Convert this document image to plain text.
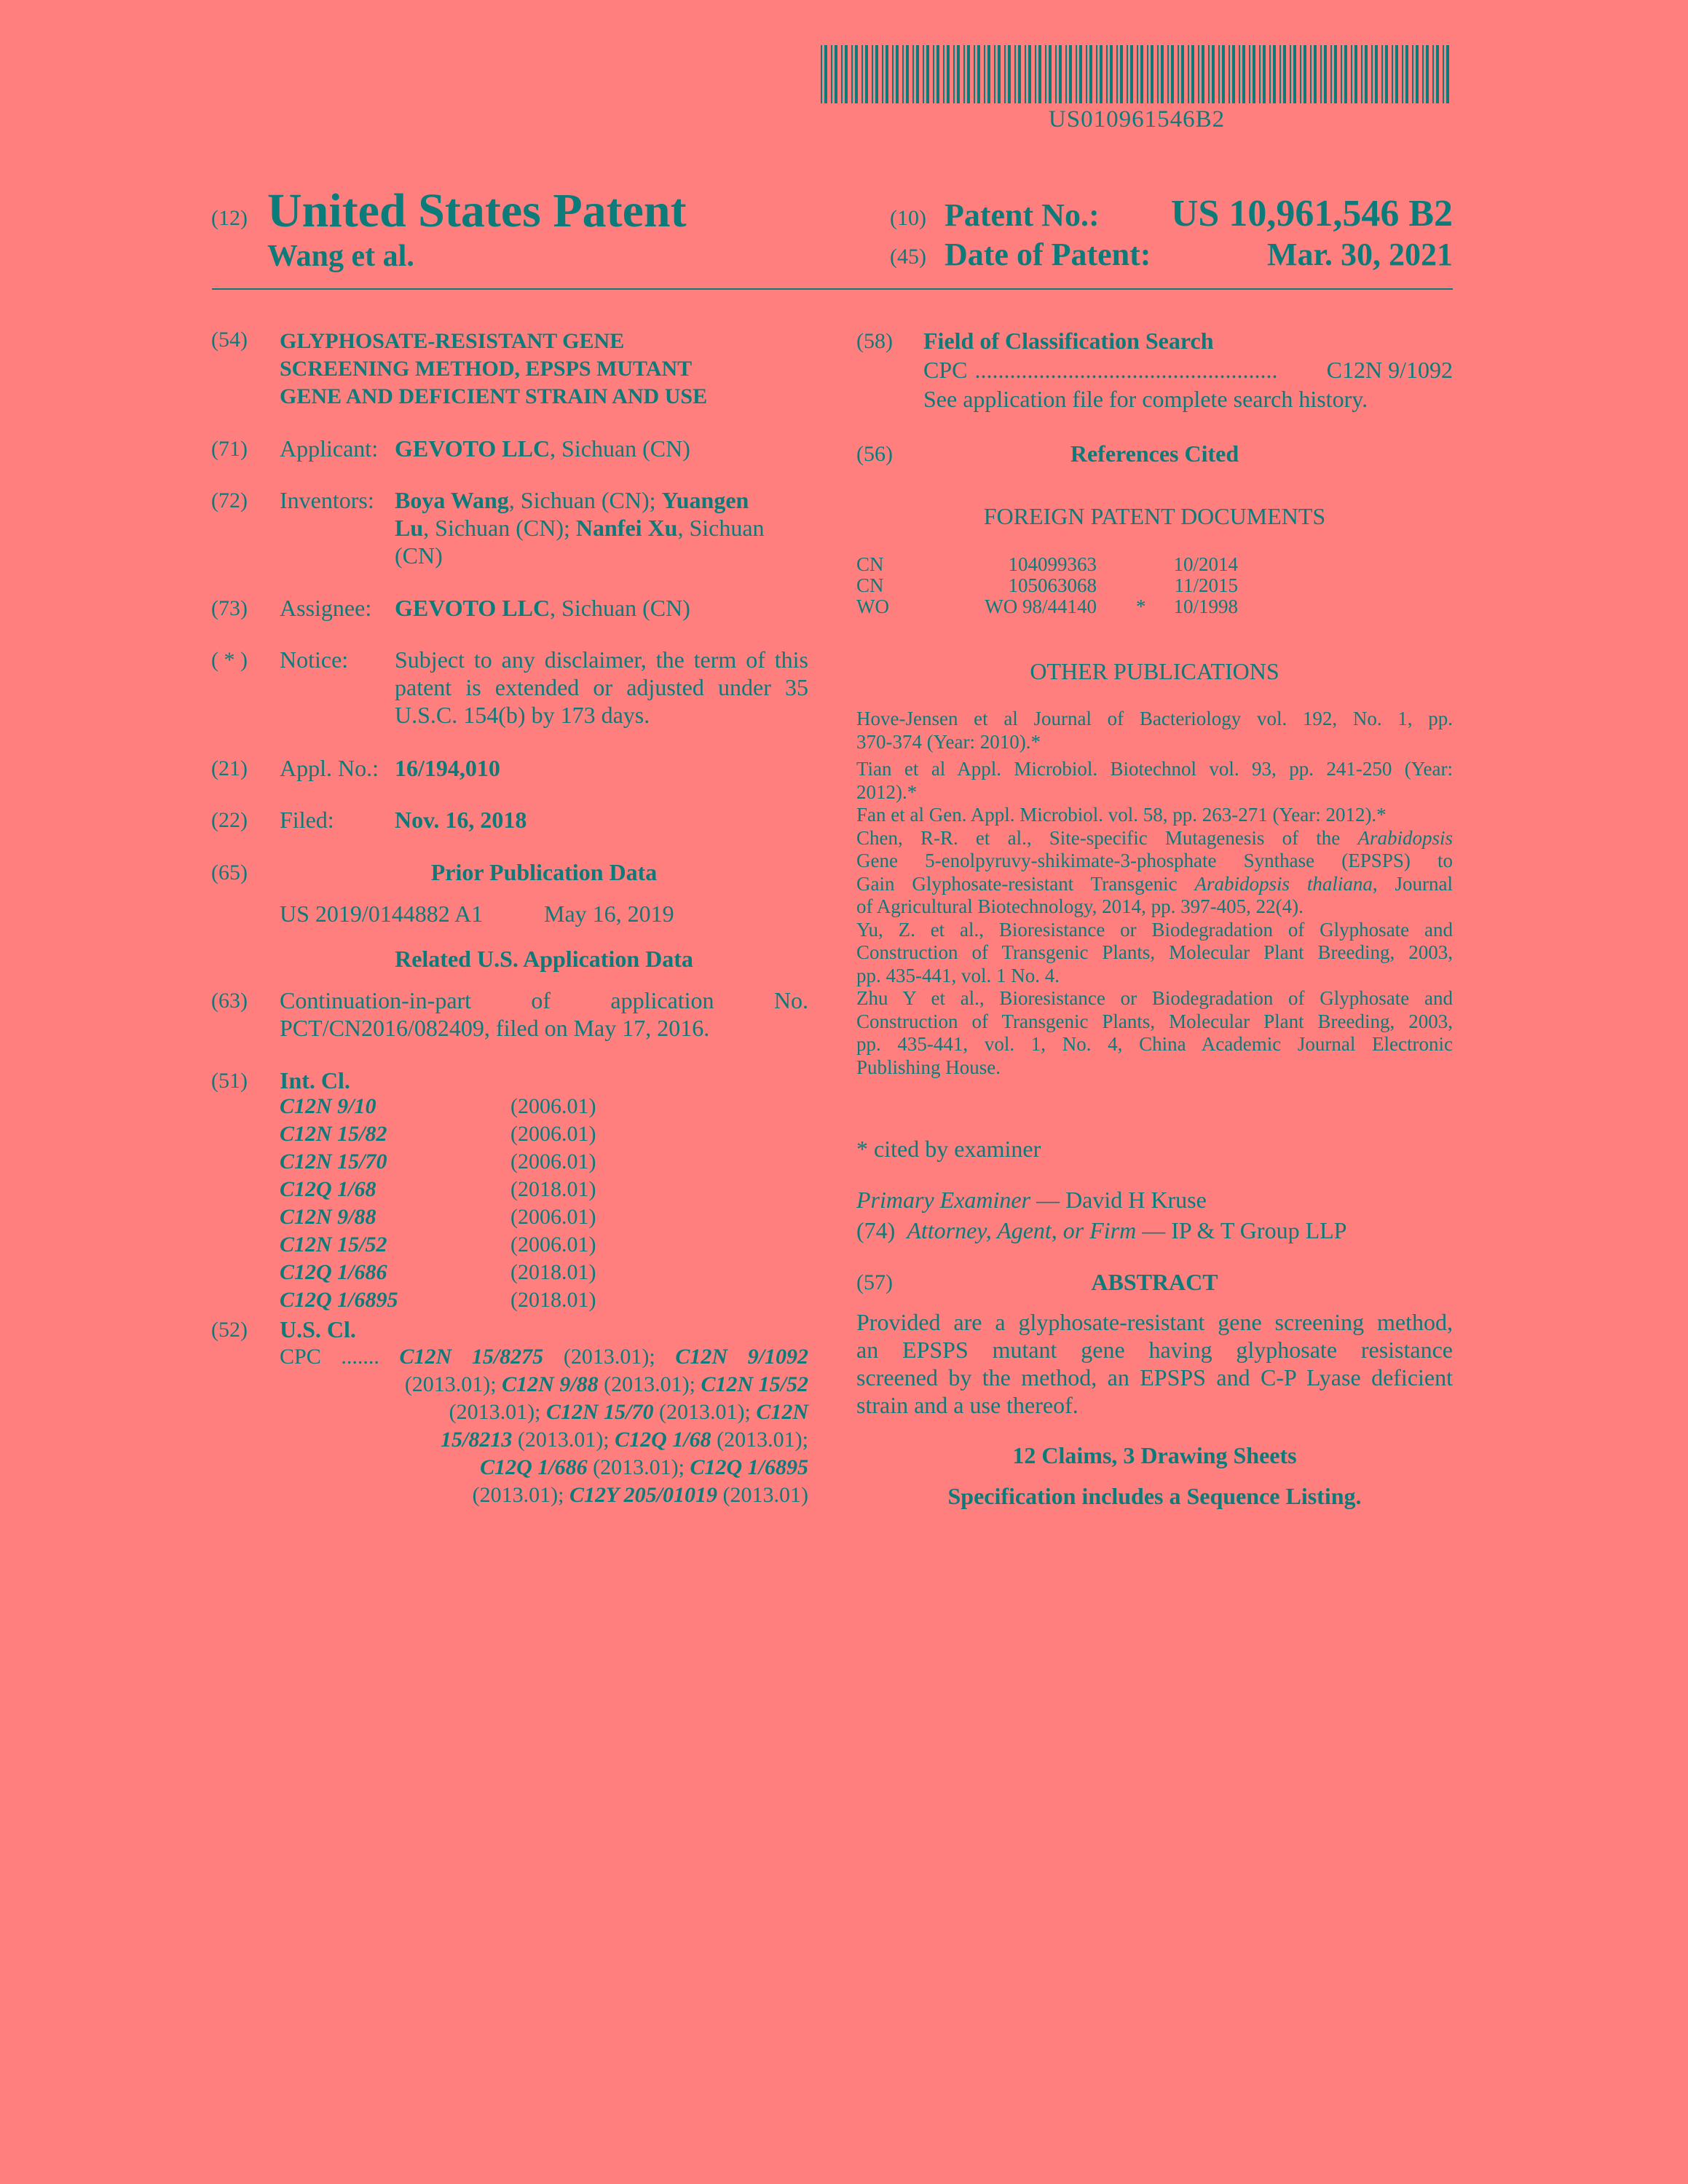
US010961546B2
(12) United States Patent
Wang et al.
(10) Patent No.:	US 10,961,546 B2
(45) Date of Patent:	Mar. 30, 2021
(54) GLYPHOSATE-RESISTANT GENE
SCREENING METHOD, EPSPS MUTANT
GENE AND DEFICIENT STRAIN AND USE
(71) Applicant: GEVOTO LLC, Sichuan (CN)
(72) Inventors: Boya Wang, Sichuan (CN); Yuangen
Lu, Sichuan (CN); Nanfei Xu, Sichuan
(CN)
(73) Assignee: GEVOTO LLC, Sichuan (CN)
( * ) Notice: Subject to any disclaimer, the term of this
patent is extended or adjusted under 35
U.S.C. 154(b) by 173 days.
(21) Appl. No.: 16/194,010
(22) Filed:	Nov. 16, 2018
(65)	Prior Publication Data
US 2019/0144882 A1	May 16, 2019
Related U.S. Application Data
(63) Continuation-in-part of application No.
PCT/CN2016/082409, filed on May 17, 2016.
(51) Int. Cl.
C12N 9/10	(2006.01)
C12N 15/82	(2006.01)
C12N 15/70	(2006.01)
C12Q 1/68	(2018.01)
C12N 9/88	(2006.01)
C12N 15/52	(2006.01)
C12Q 1/686	(2018.01)
C12Q 1/6895	(2018.01)
(52) U.S. Cl.
CPC ....... C12N 15/8275 (2013.01); C12N 9/1092
(2013.01); C12N 9/88 (2013.01); C12N 15/52
(2013.01); C12N 15/70 (2013.01); C12N
15/8213 (2013.01); C12Q 1/68 (2013.01);
C12Q 1/686 (2013.01); C12Q 1/6895
(2013.01); C12Y 205/01019 (2013.01)
(58) Field of Classification Search
CPC ....................................................	C12N 9/1092
See application file for complete search history.
(56)	References Cited
FOREIGN PATENT DOCUMENTS
CN	104099363	10/2014
CN	105063068	11/2015
WO	WO 98/44140 *	10/1998
OTHER PUBLICATIONS
Hove-Jensen et al Journal of Bacteriology vol. 192, No. 1, pp.
370-374 (Year: 2010).*
Tian et al Appl. Microbiol. Biotechnol vol. 93, pp. 241-250 (Year:
2012).*
Fan et al Gen. Appl. Microbiol. vol. 58, pp. 263-271 (Year: 2012).*
Chen, R-R. et al., Site-specific Mutagenesis of the Arabidopsis
Gene 5-enolpyruvy-shikimate-3-phosphate Synthase (EPSPS) to
Gain Glyphosate-resistant Transgenic Arabidopsis thaliana, Journal
of Agricultural Biotechnology, 2014, pp. 397-405, 22(4).
Yu, Z. et al., Bioresistance or Biodegradation of Glyphosate and
Construction of Transgenic Plants, Molecular Plant Breeding, 2003,
pp. 435-441, vol. 1 No. 4.
Zhu Y et al., Bioresistance or Biodegradation of Glyphosate and
Construction of Transgenic Plants, Molecular Plant Breeding, 2003,
pp. 435-441, vol. 1, No. 4, China Academic Journal Electronic
Publishing House.
* cited by examiner
Primary Examiner — David H Kruse
(74) Attorney, Agent, or Firm — IP & T Group LLP
(57)	ABSTRACT
Provided are a glyphosate-resistant gene screening method,
an EPSPS mutant gene having glyphosate resistance
screened by the method, an EPSPS and C-P Lyase deficient
strain and a use thereof.
12 Claims, 3 Drawing Sheets
Specification includes a Sequence Listing.
